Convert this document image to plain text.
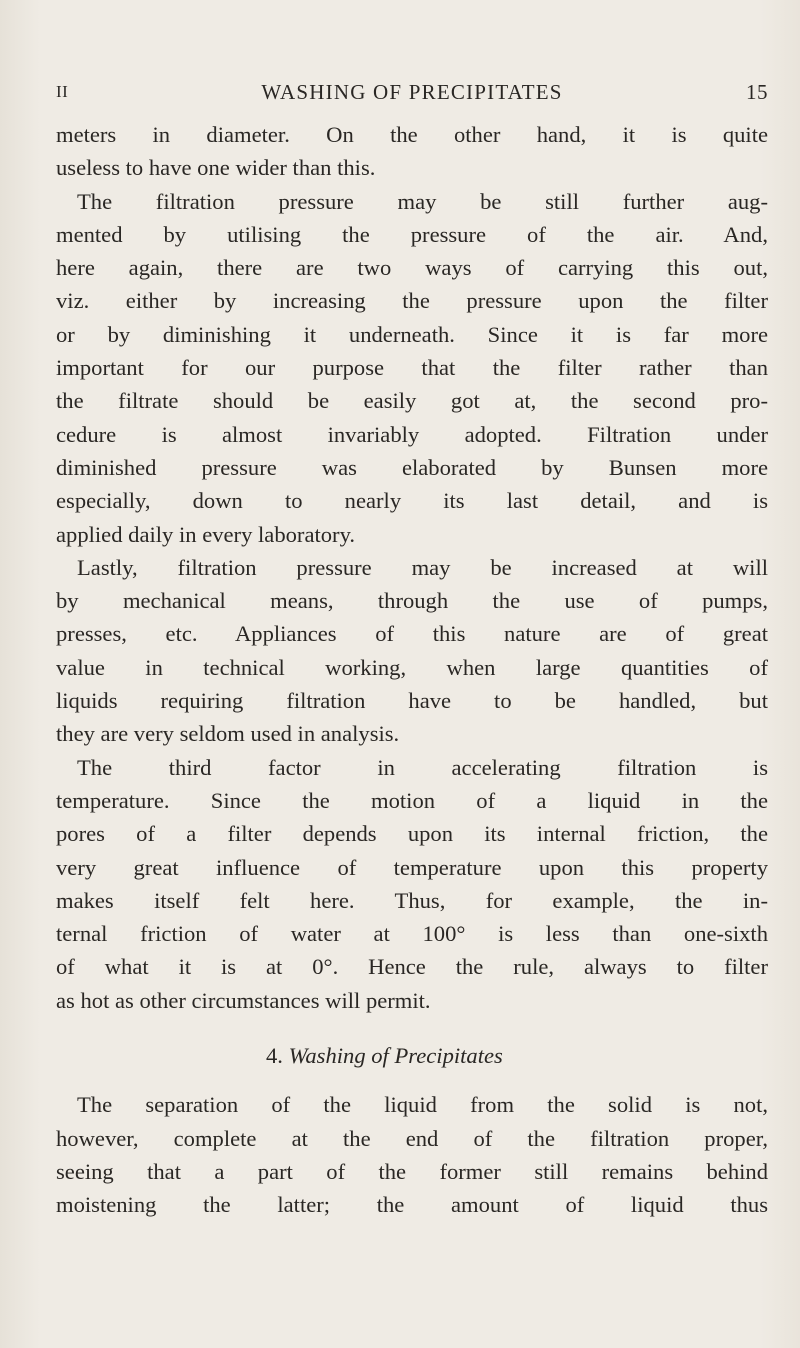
II	WASHING OF PRECIPITATES	15

meters in diameter. On the other hand, it is quite
useless to have one wider than this.

The filtration pressure may be still further aug-
mented by utilising the pressure of the air. And,
here again, there are two ways of carrying this out,
viz. either by increasing the pressure upon the filter
or by diminishing it underneath. Since it is far more
important for our purpose that the filter rather than
the filtrate should be easily got at, the second pro-
cedure is almost invariably adopted. Filtration under
diminished pressure was elaborated by Bunsen more
especially, down to nearly its last detail, and is
applied daily in every laboratory.

Lastly, filtration pressure may be increased at will
by mechanical means, through the use of pumps,
presses, etc. Appliances of this nature are of great
value in technical working, when large quantities of
liquids requiring filtration have to be handled, but
they are very seldom used in analysis.

The third factor in accelerating filtration is
temperature. Since the motion of a liquid in the
pores of a filter depends upon its internal friction, the
very great influence of temperature upon this property
makes itself felt here. Thus, for example, the in-
ternal friction of water at 100° is less than one-sixth
of what it is at 0°. Hence the rule, always to filter
as hot as other circumstances will permit.

4. Washing of Precipitates

The separation of the liquid from the solid is not,
however, complete at the end of the filtration proper,
seeing that a part of the former still remains behind
moistening the latter; the amount of liquid thus
